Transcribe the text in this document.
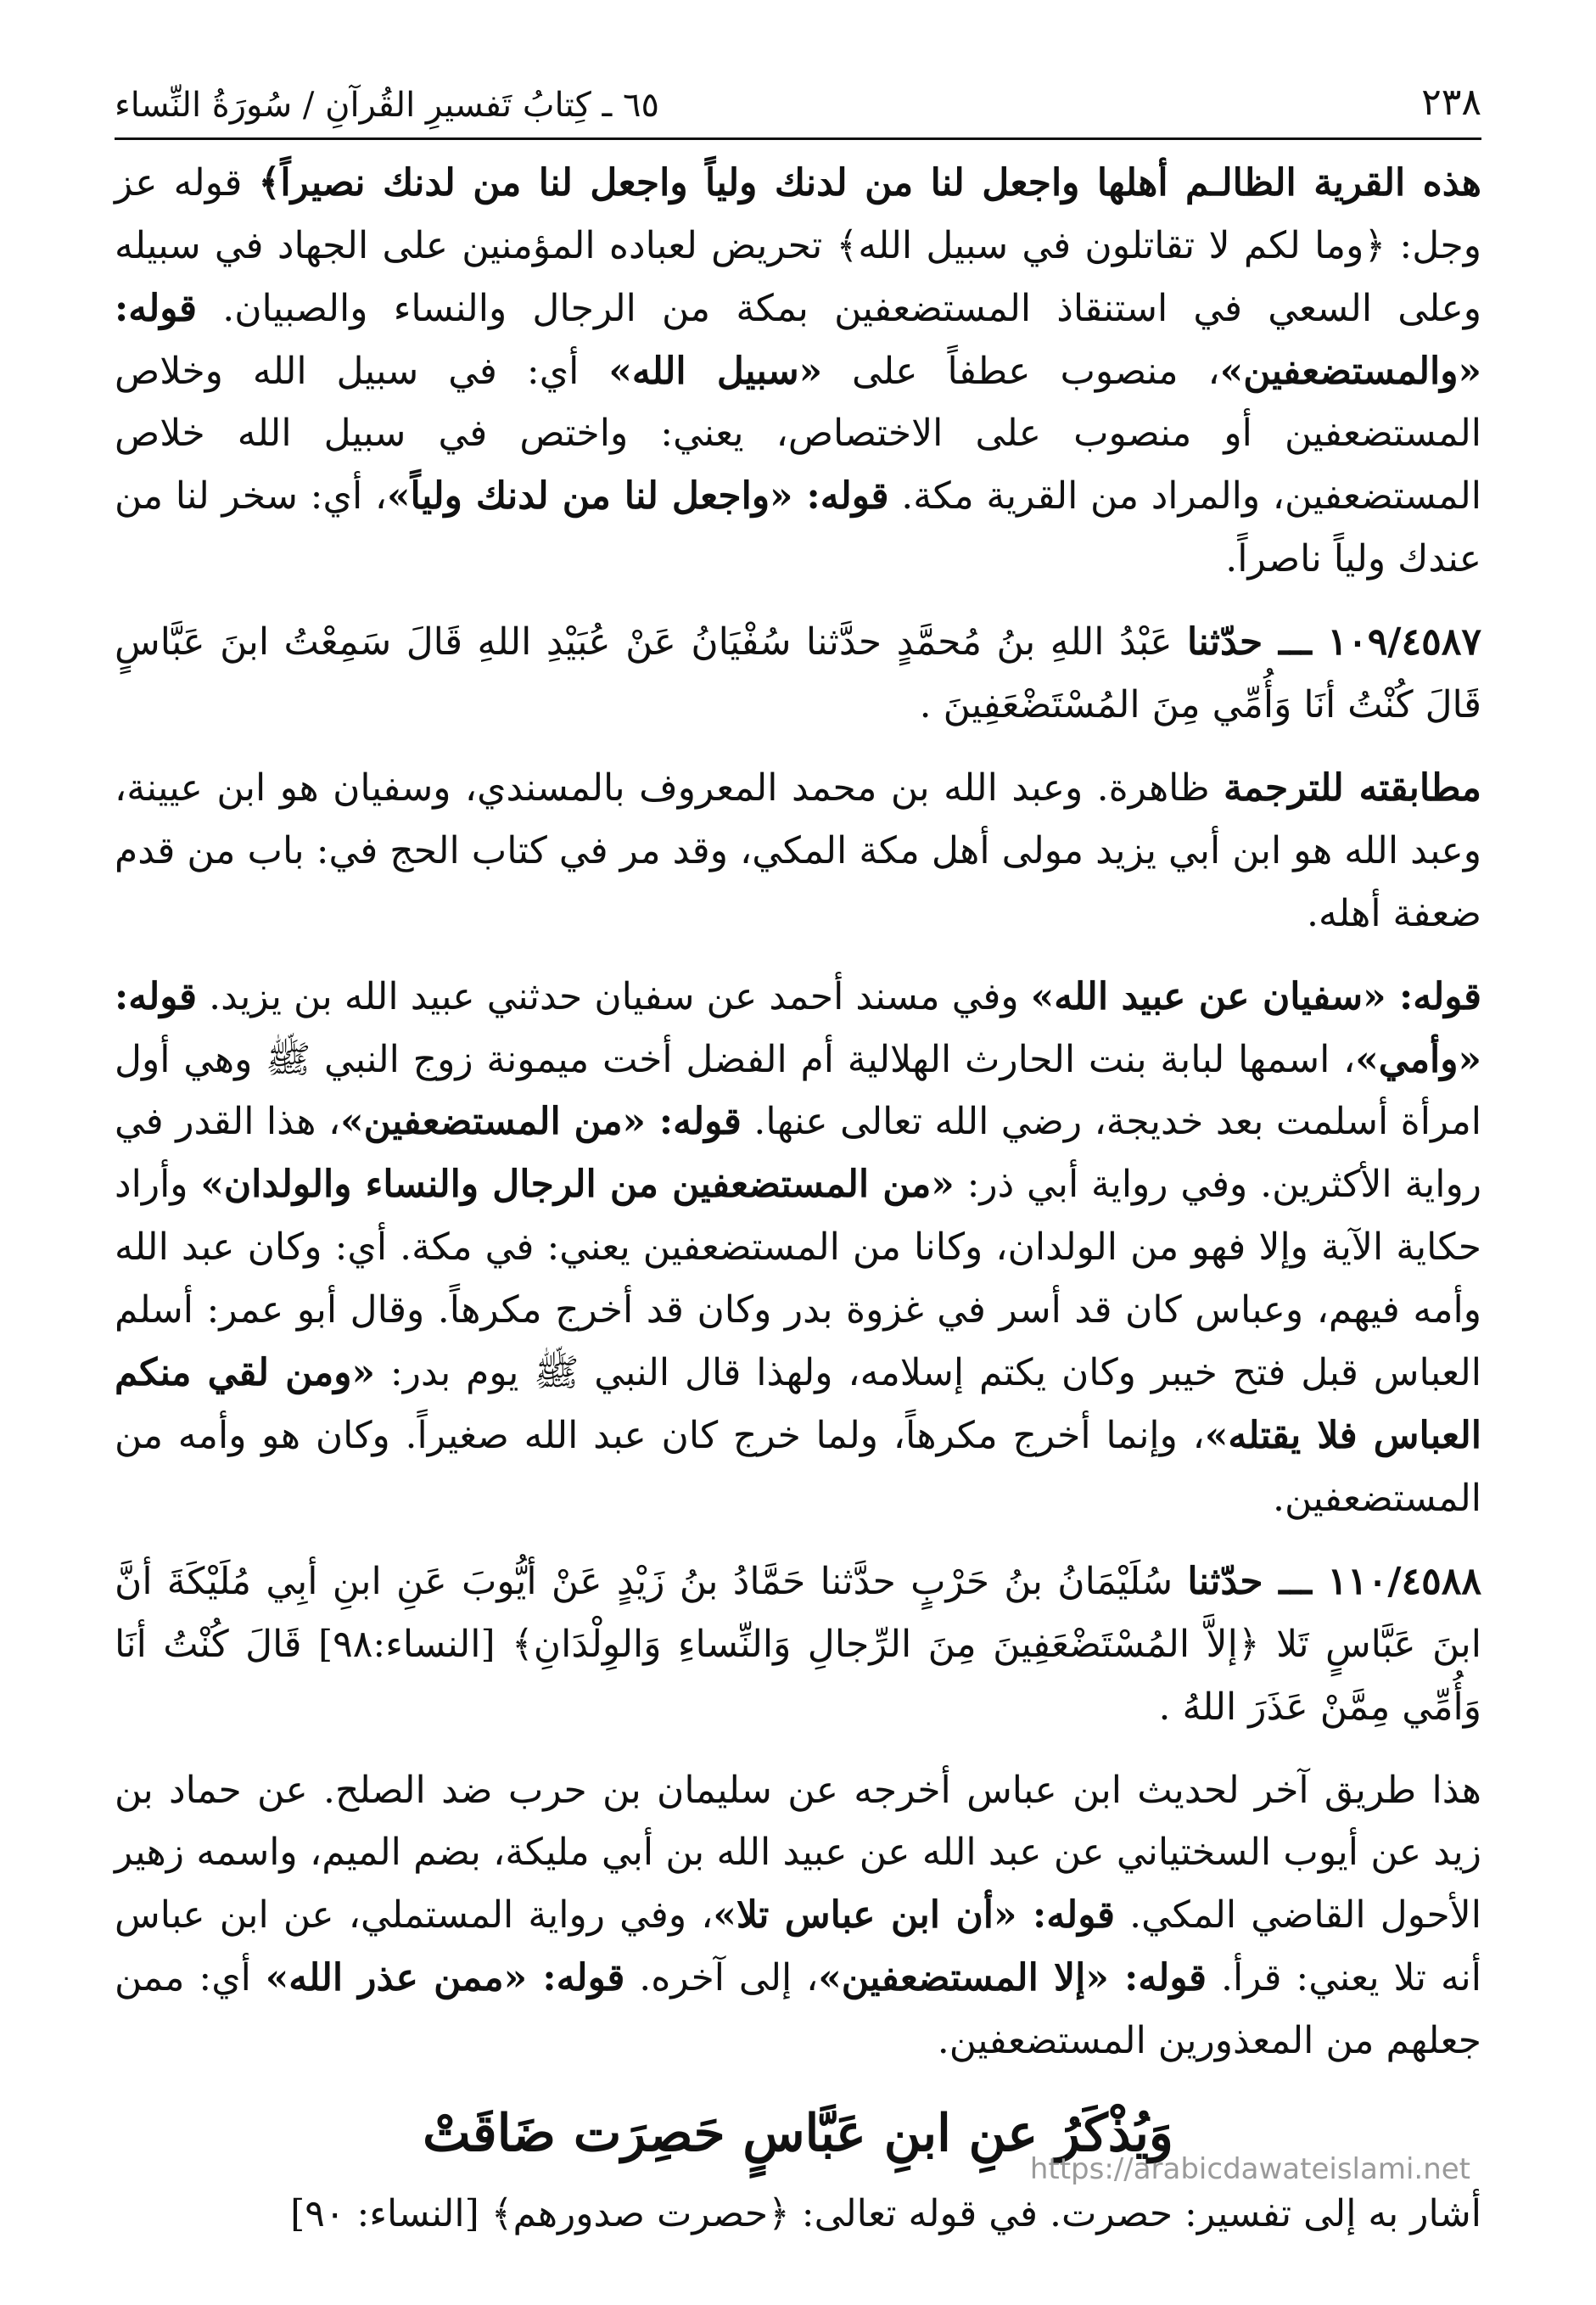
٢٣٨
٦٥ ـ كِتابُ تَفسيرِ القُرآنِ / سُورَةُ النِّساء

هذه القرية الظالـم أهلها واجعل لنا من لدنك ولياً واجعل لنا من لدنك نصيراً﴾ قوله عز وجل: ﴿وما لكم لا تقاتلون في سبيل الله﴾ تحريض لعباده المؤمنين على الجهاد في سبيله وعلى السعي في استنقاذ المستضعفين بمكة من الرجال والنساء والصبيان. قوله: «والمستضعفين»، منصوب عطفاً على «سبيل الله» أي: في سبيل الله وخلاص المستضعفين أو منصوب على الاختصاص، يعني: واختص في سبيل الله خلاص المستضعفين، والمراد من القرية مكة. قوله: «واجعل لنا من لدنك ولياً»، أي: سخر لنا من عندك ولياً ناصراً.

١٠٩/٤٥٨٧ ـــ حدّثنا عَبْدُ اللهِ بنُ مُحمَّدٍ حدَّثنا سُفْيَانُ عَنْ عُبَيْدِ اللهِ قَالَ سَمِعْتُ ابنَ عَبَّاسٍ قَالَ كُنْتُ أنَا وَأُمِّي مِنَ المُسْتَضْعَفِينَ .

مطابقته للترجمة ظاهرة. وعبد الله بن محمد المعروف بالمسندي، وسفيان هو ابن عيينة، وعبد الله هو ابن أبي يزيد مولى أهل مكة المكي، وقد مر في كتاب الحج في: باب من قدم ضعفة أهله.

قوله: «سفيان عن عبيد الله» وفي مسند أحمد عن سفيان حدثني عبيد الله بن يزيد. قوله: «وأمي»، اسمها لبابة بنت الحارث الهلالية أم الفضل أخت ميمونة زوج النبي ﷺ وهي أول امرأة أسلمت بعد خديجة، رضي الله تعالى عنها. قوله: «من المستضعفين»، هذا القدر في رواية الأكثرين. وفي رواية أبي ذر: «من المستضعفين من الرجال والنساء والولدان» وأراد حكاية الآية وإلا فهو من الولدان، وكانا من المستضعفين يعني: في مكة. أي: وكان عبد الله وأمه فيهم، وعباس كان قد أسر في غزوة بدر وكان قد أخرج مكرهاً. وقال أبو عمر: أسلم العباس قبل فتح خيبر وكان يكتم إسلامه، ولهذا قال النبي ﷺ يوم بدر: «ومن لقي منكم العباس فلا يقتله»، وإنما أخرج مكرهاً، ولما خرج كان عبد الله صغيراً. وكان هو وأمه من المستضعفين.

١١٠/٤٥٨٨ ـــ حدّثنا سُلَيْمَانُ بنُ حَرْبٍ حدَّثنا حَمَّادُ بنُ زَيْدٍ عَنْ أيُّوبَ عَنِ ابنِ أبِي مُلَيْكَةَ أنَّ ابنَ عَبَّاسٍ تَلا ﴿إلاَّ المُسْتَضْعَفِينَ مِنَ الرِّجالِ وَالنِّساءِ وَالوِلْدَانِ﴾ [النساء:٩٨] قَالَ كُنْتُ أنَا وَأُمِّي مِمَّنْ عَذَرَ اللهُ .

هذا طريق آخر لحديث ابن عباس أخرجه عن سليمان بن حرب ضد الصلح. عن حماد بن زيد عن أيوب السختياني عن عبد الله عن عبيد الله بن أبي مليكة، بضم الميم، واسمه زهير الأحول القاضي المكي. قوله: «أن ابن عباس تلا»، وفي رواية المستملي، عن ابن عباس أنه تلا يعني: قرأ. قوله: «إلا المستضعفين»، إلى آخره. قوله: «ممن عذر الله» أي: ممن جعلهم من المعذورين المستضعفين.

وَيُذْكَرُ عنِ ابنِ عَبَّاسٍ حَصِرَت ضَاقَتْ

أشار به إلى تفسير: حصرت. في قوله تعالى: ﴿حصرت صدورهم﴾ [النساء: ٩٠]

https://arabicdawateislami.net
